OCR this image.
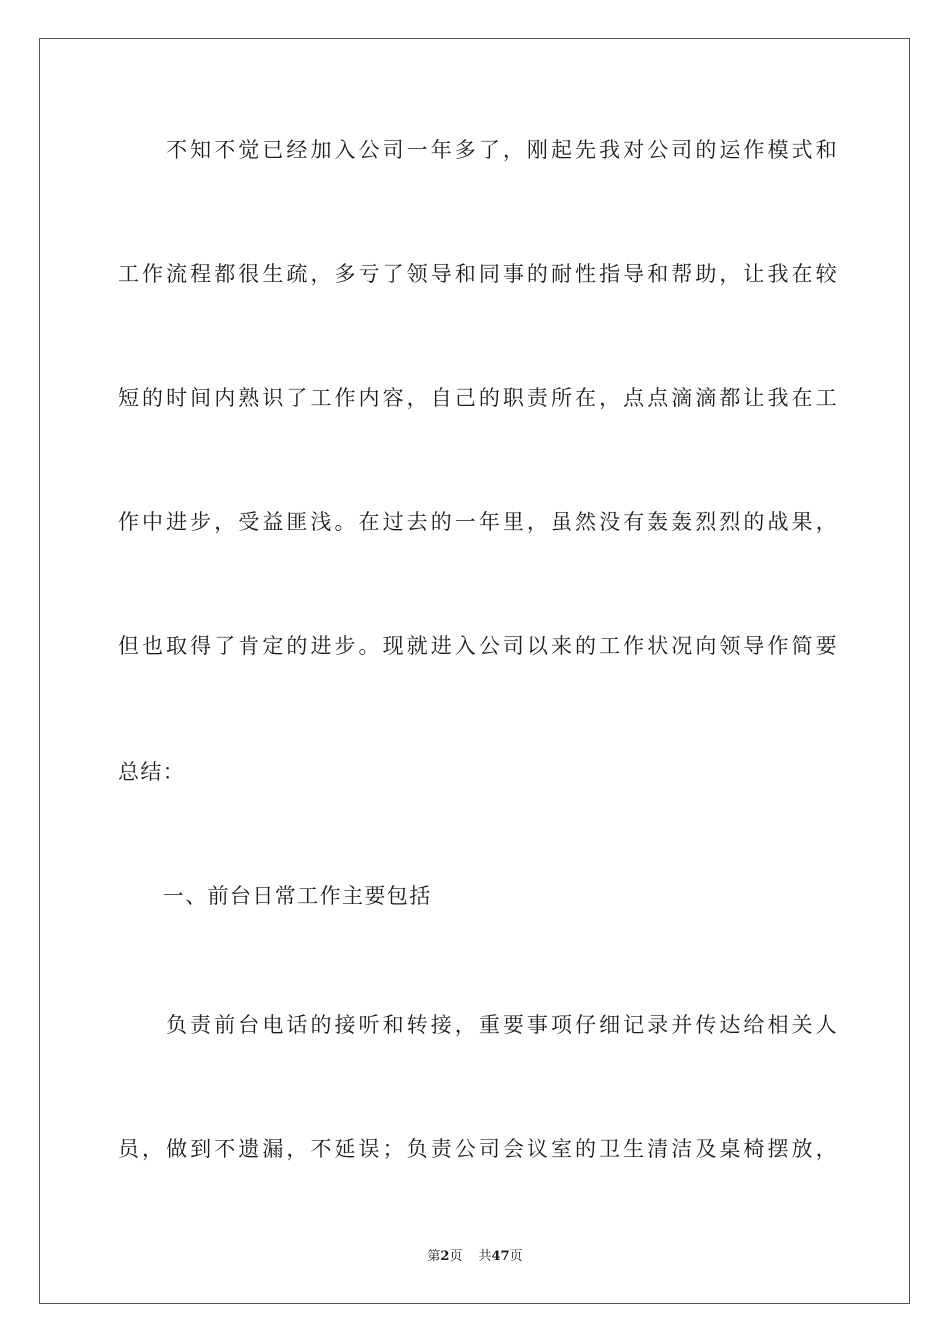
　　不知不觉已经加入公司一年多了，刚起先我对公司的运作模式和
工作流程都很生疏，多亏了领导和同事的耐性指导和帮助，让我在较
短的时间内熟识了工作内容，自己的职责所在，点点滴滴都让我在工
作中进步，受益匪浅。在过去的一年里，虽然没有轰轰烈烈的战果，
但也取得了肯定的进步。现就进入公司以来的工作状况向领导作简要
总结：
　　一、前台日常工作主要包括
　　负责前台电话的接听和转接，重要事项仔细记录并传达给相关人
员，做到不遗漏，不延误；负责公司会议室的卫生清洁及桌椅摆放，
第2页 共47页
